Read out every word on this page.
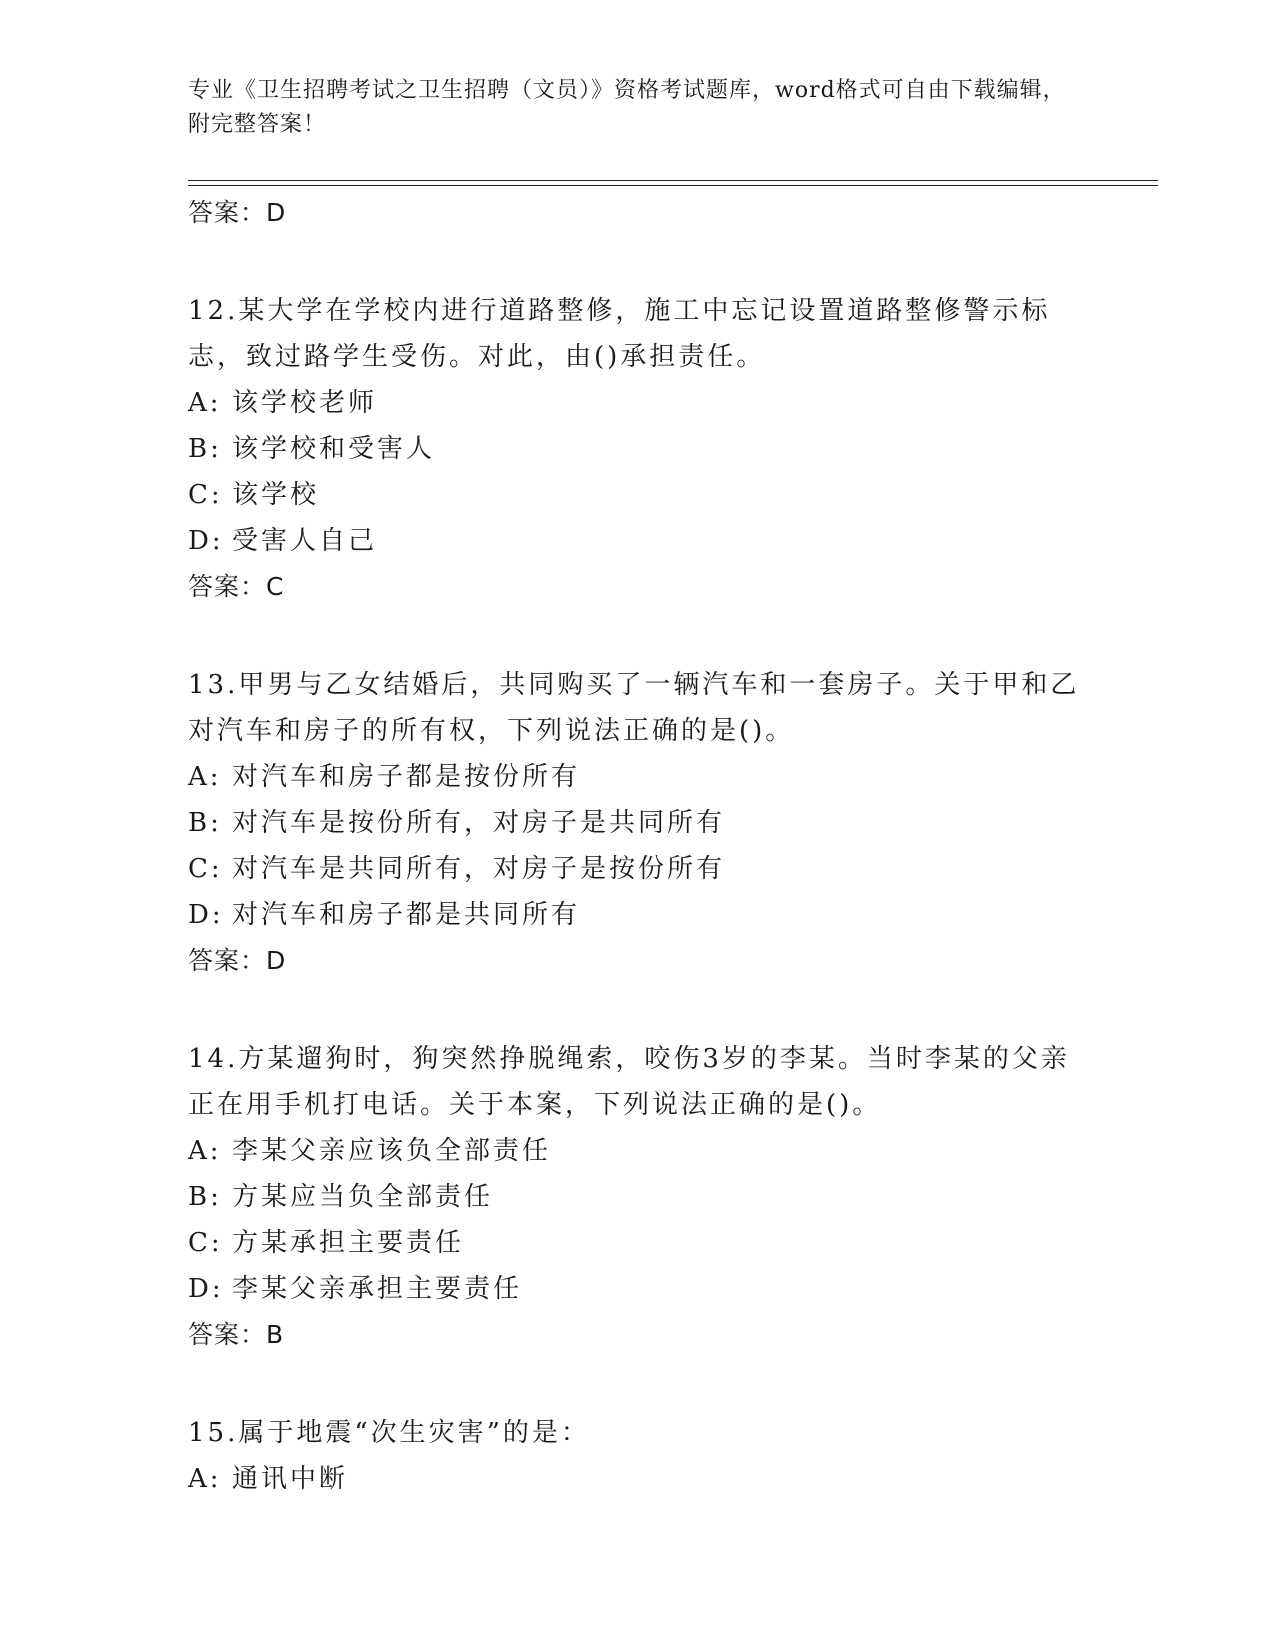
专业《卫生招聘考试之卫生招聘（文员）》资格考试题库，word格式可自由下载编辑，附完整答案！
答案：D
12.某大学在学校内进行道路整修，施工中忘记设置道路整修警示标志，致过路学生受伤。对此，由()承担责任。
A: 该学校老师
B: 该学校和受害人
C: 该学校
D: 受害人自己
答案：C
13.甲男与乙女结婚后，共同购买了一辆汽车和一套房子。关于甲和乙对汽车和房子的所有权，下列说法正确的是()。
A: 对汽车和房子都是按份所有
B: 对汽车是按份所有，对房子是共同所有
C: 对汽车是共同所有，对房子是按份所有
D: 对汽车和房子都是共同所有
答案：D
14.方某遛狗时，狗突然挣脱绳索，咬伤3岁的李某。当时李某的父亲正在用手机打电话。关于本案，下列说法正确的是()。
A: 李某父亲应该负全部责任
B: 方某应当负全部责任
C: 方某承担主要责任
D: 李某父亲承担主要责任
答案：B
15.属于地震“次生灾害”的是：
A: 通讯中断
